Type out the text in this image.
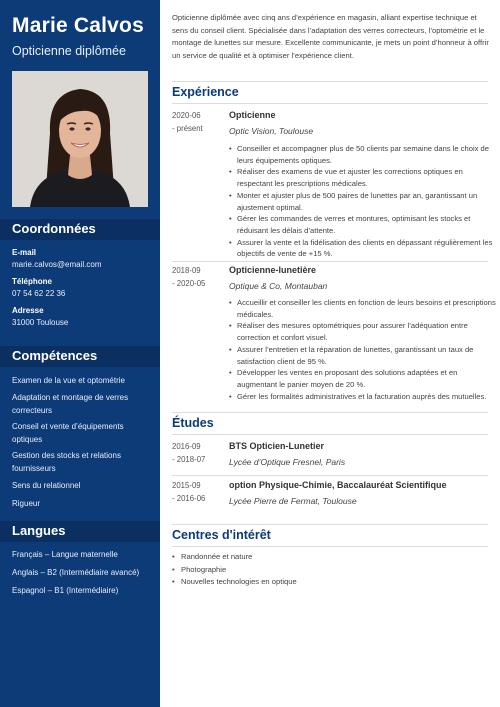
Marie Calvos
Opticienne diplômée
Coordonnées
E-mail
marie.calvos@email.com
Téléphone
07 54 62 22 36
Adresse
31000 Toulouse
Compétences
Examen de la vue et optométrie
Adaptation et montage de verres correcteurs
Conseil et vente d’équipements optiques
Gestion des stocks et relations fournisseurs
Sens du relationnel
Rigueur
Langues
Français – Langue maternelle
Anglais – B2 (Intermédiaire avancé)
Espagnol – B1 (Intermédiaire)
Opticienne diplômée avec cinq ans d’expérience en magasin, alliant expertise technique et sens du conseil client. Spécialisée dans l’adaptation des verres correcteurs, l’optométrie et le montage de lunettes sur mesure. Excellente communicante, je mets un point d’honneur à offrir un service de qualité et à optimiser l’expérience client.
Expérience
2020-06
- présent
Opticienne
Optic Vision, Toulouse
• Conseiller et accompagner plus de 50 clients par semaine dans le choix de leurs équipements optiques.
• Réaliser des examens de vue et ajuster les corrections optiques en respectant les prescriptions médicales.
• Monter et ajuster plus de 500 paires de lunettes par an, garantissant un ajustement optimal.
• Gérer les commandes de verres et montures, optimisant les stocks et réduisant les délais d’attente.
• Assurer la vente et la fidélisation des clients en dépassant régulièrement les objectifs de vente de +15 %.
2018-09
- 2020-05
Opticienne-lunetière
Optique & Co, Montauban
• Accueillir et conseiller les clients en fonction de leurs besoins et prescriptions médicales.
• Réaliser des mesures optométriques pour assurer l’adéquation entre correction et confort visuel.
• Assurer l’entretien et la réparation de lunettes, garantissant un taux de satisfaction client de 95 %.
• Développer les ventes en proposant des solutions adaptées et en augmentant le panier moyen de 20 %.
• Gérer les formalités administratives et la facturation auprès des mutuelles.
Études
2016-09
- 2018-07
BTS Opticien-Lunetier
Lycée d’Optique Fresnel, Paris
2015-09
- 2016-06
option Physique-Chimie, Baccalauréat Scientifique
Lycée Pierre de Fermat, Toulouse
Centres d'intérêt
• Randonnée et nature
• Photographie
• Nouvelles technologies en optique
